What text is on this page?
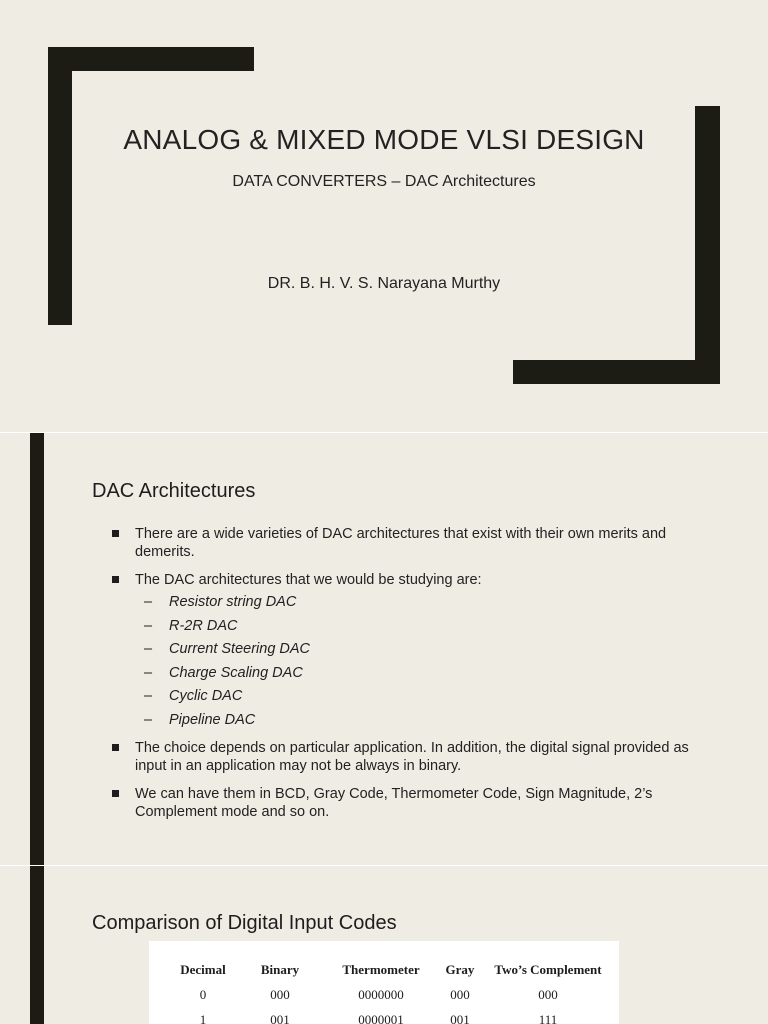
ANALOG & MIXED MODE VLSI DESIGN
DATA CONVERTERS – DAC Architectures
DR. B. H. V. S. Narayana Murthy
DAC Architectures
There are a wide varieties of DAC architectures that exist with their own merits and demerits.
The DAC architectures that we would be studying are:
– Resistor string DAC
– R-2R DAC
– Current Steering DAC
– Charge Scaling DAC
– Cyclic DAC
– Pipeline DAC
The choice depends on particular application. In addition, the digital signal provided as input in an application may not be always in binary.
We can have them in BCD, Gray Code, Thermometer Code, Sign Magnitude, 2’s Complement mode and so on.
Comparison of Digital Input Codes
Decimal	Binary	Thermometer	Gray	Two’s Complement
0	000	0000000	000	000
1	001	0000001	001	111
